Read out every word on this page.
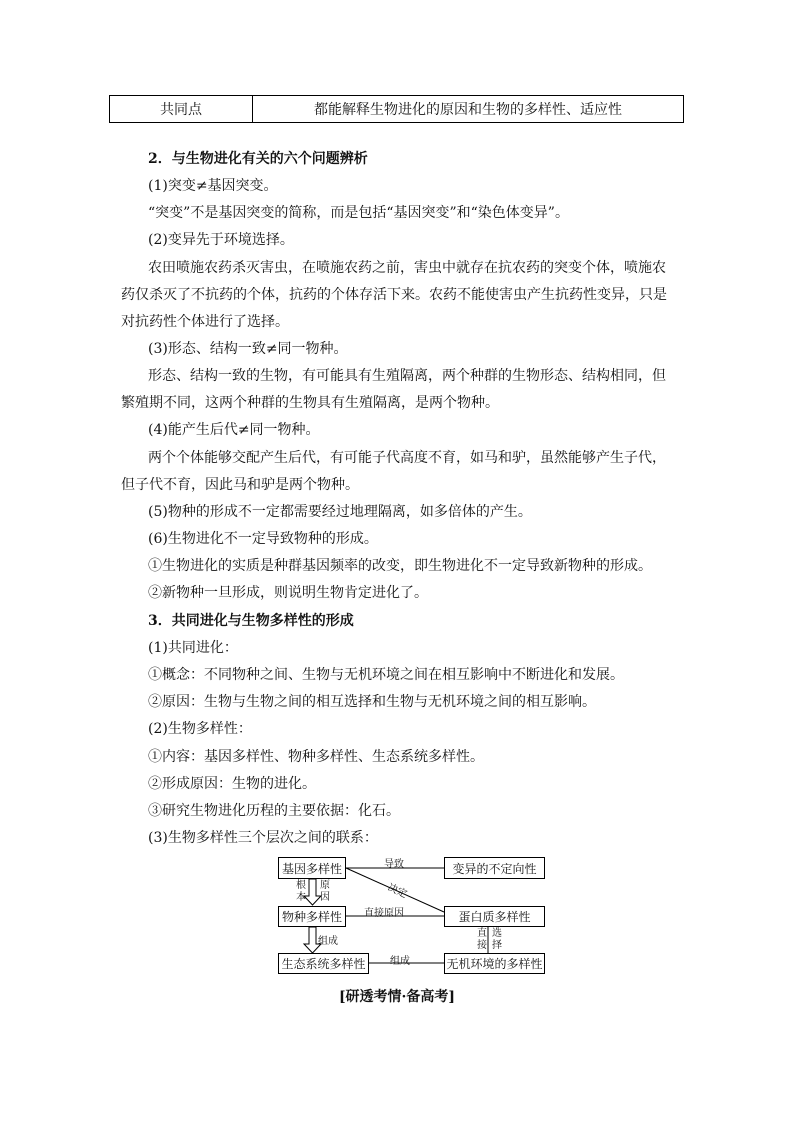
共同点	都能解释生物进化的原因和生物的多样性、适应性
2．与生物进化有关的六个问题辨析
(1)突变≠基因突变。
“突变”不是基因突变的简称，而是包括“基因突变”和“染色体变异”。
(2)变异先于环境选择。
农田喷施农药杀灭害虫，在喷施农药之前，害虫中就存在抗农药的突变个体，喷施农
药仅杀灭了不抗药的个体，抗药的个体存活下来。农药不能使害虫产生抗药性变异，只是
对抗药性个体进行了选择。
(3)形态、结构一致≠同一物种。
形态、结构一致的生物，有可能具有生殖隔离，两个种群的生物形态、结构相同，但
繁殖期不同，这两个种群的生物具有生殖隔离，是两个物种。
(4)能产生后代≠同一物种。
两个个体能够交配产生后代，有可能子代高度不育，如马和驴，虽然能够产生子代，
但子代不育，因此马和驴是两个物种。
(5)物种的形成不一定都需要经过地理隔离，如多倍体的产生。
(6)生物进化不一定导致物种的形成。
①生物进化的实质是种群基因频率的改变，即生物进化不一定导致新物种的形成。
②新物种一旦形成，则说明生物肯定进化了。
3．共同进化与生物多样性的形成
(1)共同进化：
①概念：不同物种之间、生物与无机环境之间在相互影响中不断进化和发展。
②原因：生物与生物之间的相互选择和生物与无机环境之间的相互影响。
(2)生物多样性：
①内容：基因多样性、物种多样性、生态系统多样性。
②形成原因：生物的进化。
③研究生物进化历程的主要依据：化石。
(3)生物多样性三个层次之间的联系：
基因多样性	变异的不定向性
物种多样性	蛋白质多样性
生态系统多样性	无机环境的多样性
导致
决定
根本
原因
直接原因
组成
组成
直接
选择
[研透考情·备高考]
